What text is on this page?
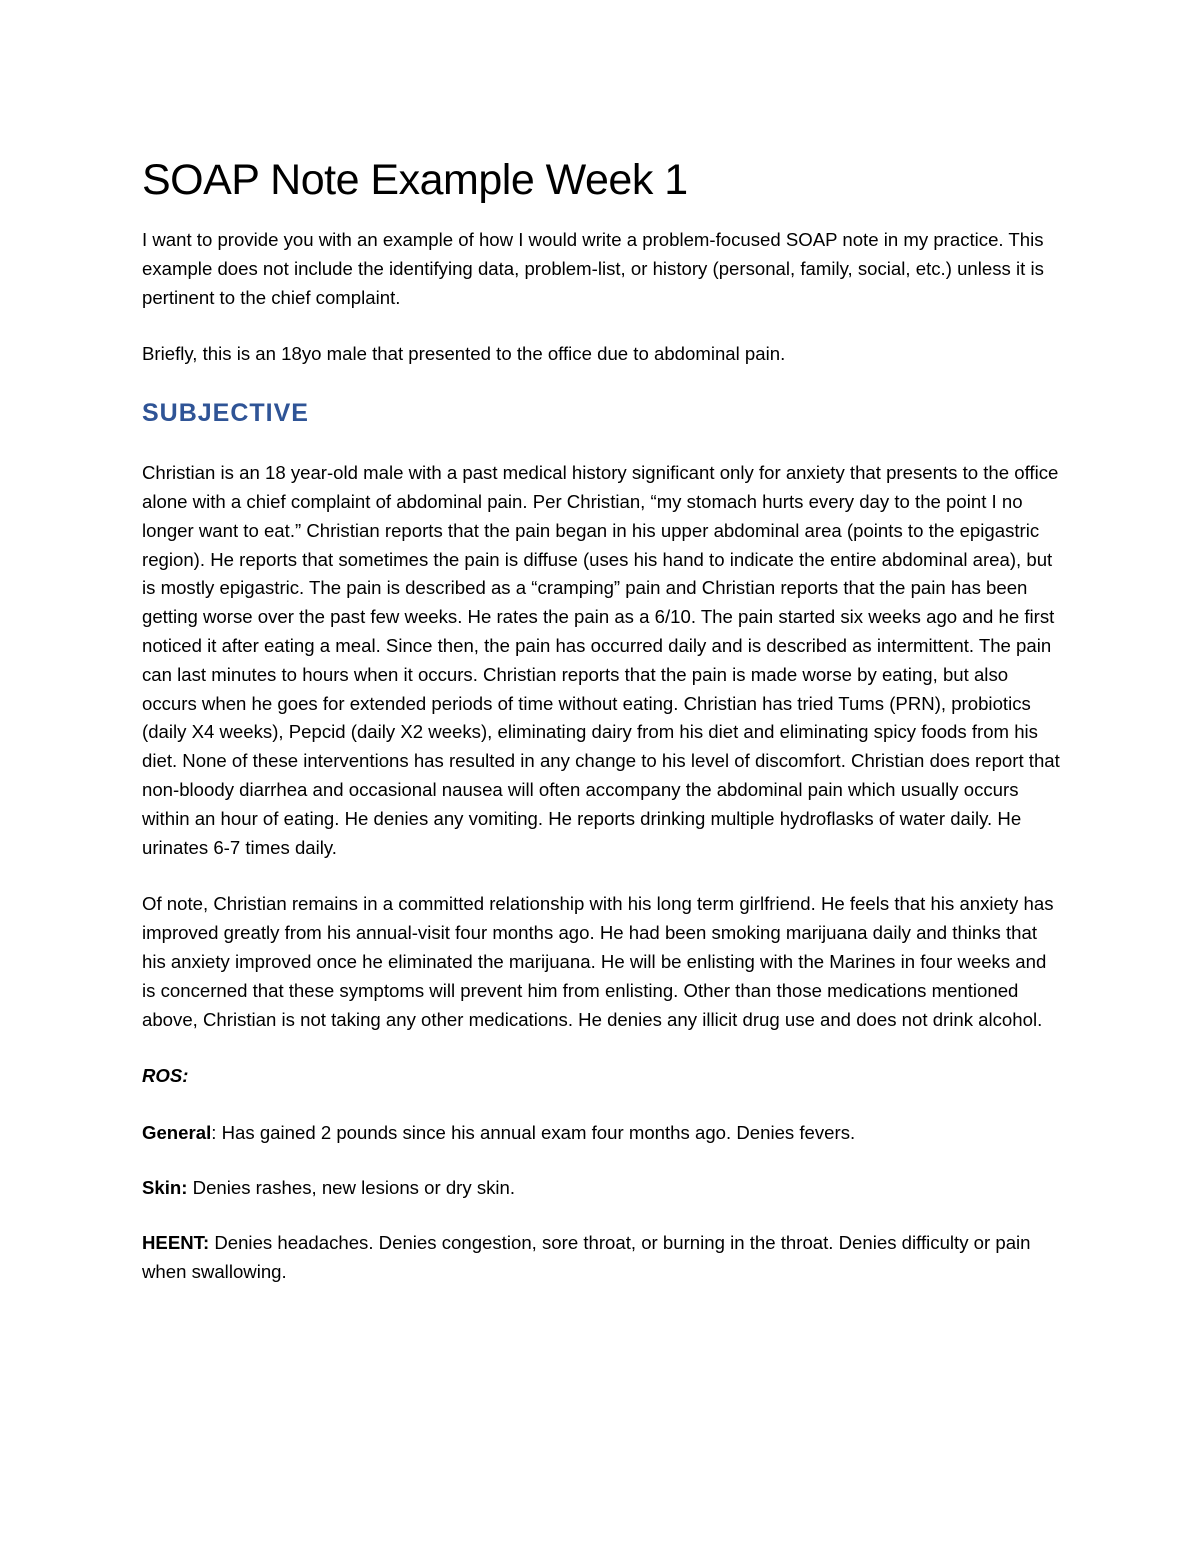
SOAP Note Example Week 1

I want to provide you with an example of how I would write a problem-focused SOAP note in my practice. This example does not include the identifying data, problem-list, or history (personal, family, social, etc.) unless it is pertinent to the chief complaint.

Briefly, this is an 18yo male that presented to the office due to abdominal pain.

SUBJECTIVE

Christian is an 18 year-old male with a past medical history significant only for anxiety that presents to the office alone with a chief complaint of abdominal pain. Per Christian, “my stomach hurts every day to the point I no longer want to eat.” Christian reports that the pain began in his upper abdominal area (points to the epigastric region). He reports that sometimes the pain is diffuse (uses his hand to indicate the entire abdominal area), but is mostly epigastric. The pain is described as a “cramping” pain and Christian reports that the pain has been getting worse over the past few weeks. He rates the pain as a 6/10. The pain started six weeks ago and he first noticed it after eating a meal. Since then, the pain has occurred daily and is described as intermittent. The pain can last minutes to hours when it occurs. Christian reports that the pain is made worse by eating, but also occurs when he goes for extended periods of time without eating. Christian has tried Tums (PRN), probiotics (daily X4 weeks), Pepcid (daily X2 weeks), eliminating dairy from his diet and eliminating spicy foods from his diet. None of these interventions has resulted in any change to his level of discomfort. Christian does report that non-bloody diarrhea and occasional nausea will often accompany the abdominal pain which usually occurs within an hour of eating. He denies any vomiting. He reports drinking multiple hydroflasks of water daily. He urinates 6-7 times daily.

Of note, Christian remains in a committed relationship with his long term girlfriend. He feels that his anxiety has improved greatly from his annual-visit four months ago. He had been smoking marijuana daily and thinks that his anxiety improved once he eliminated the marijuana. He will be enlisting with the Marines in four weeks and is concerned that these symptoms will prevent him from enlisting. Other than those medications mentioned above, Christian is not taking any other medications. He denies any illicit drug use and does not drink alcohol.

ROS:

General: Has gained 2 pounds since his annual exam four months ago. Denies fevers.

Skin: Denies rashes, new lesions or dry skin.

HEENT: Denies headaches. Denies congestion, sore throat, or burning in the throat. Denies difficulty or pain when swallowing.
